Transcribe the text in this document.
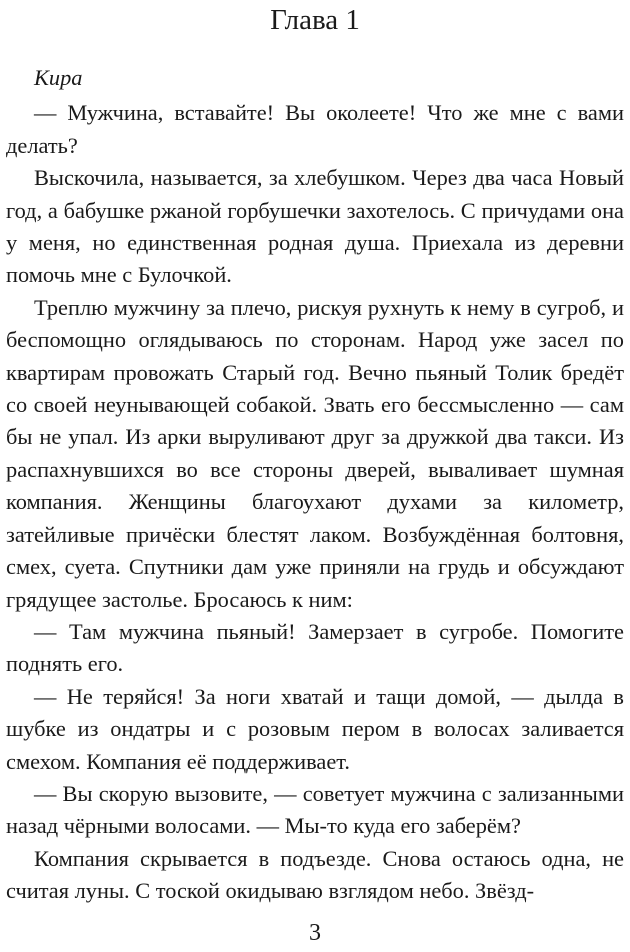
Глава 1

Кира

— Мужчина, вставайте! Вы околеете! Что же мне с вами делать?

Выскочила, называется, за хлебушком. Через два часа Новый год, а бабушке ржаной горбушечки захотелось. С причудами она у меня, но единственная родная душа. Приехала из деревни помочь мне с Булочкой.

Треплю мужчину за плечо, рискуя рухнуть к нему в сугроб, и беспомощно оглядываюсь по сторонам. Народ уже засел по квартирам провожать Старый год. Вечно пьяный Толик бредёт со своей неунывающей собакой. Звать его бессмысленно — сам бы не упал. Из арки выруливают друг за дружкой два такси. Из распахнувшихся во все стороны дверей, вываливает шумная компания. Женщины благоухают духами за километр, затейливые причёски блестят лаком. Возбуждённая болтовня, смех, суета. Спутники дам уже приняли на грудь и обсуждают грядущее застолье. Бросаюсь к ним:

— Там мужчина пьяный! Замерзает в сугробе. Помогите поднять его.

— Не теряйся! За ноги хватай и тащи домой, — дылда в шубке из ондатры и с розовым пером в волосах заливается смехом. Компания её поддерживает.

— Вы скорую вызовите, — советует мужчина с зализанными назад чёрными волосами. — Мы-то куда его заберём?

Компания скрывается в подъезде. Снова остаюсь одна, не считая луны. С тоской окидываю взглядом небо. Звёзд-

3
